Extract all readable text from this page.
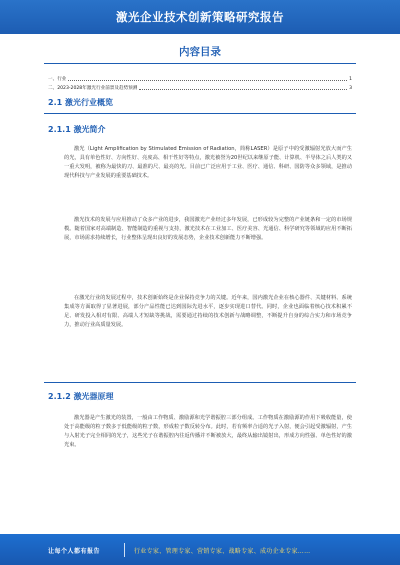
激光企业技术创新策略研究报告
内容目录
一、行业	1
二、2023-2028年激光行业前景及趋势预测	3
2.1 激光行业概览
2.1.1 激光简介

激光（Light Amplification by Stimulated Emission of Radiation，简称LASER）是原子中的受激辐射光放大而产生的光，具有单色性好、方向性好、亮度高、相干性好等特点，激光被誉为20世纪以来继原子能、计算机、半导体之后人类的又一重大发明，被称为最快的刀、最准的尺、最亮的光。目前已广泛应用于工业、医疗、通信、科研、国防等众多领域，是推动现代科技与产业发展的重要基础技术。

激光技术的发展与应用推动了众多产业的进步，我国激光产业经过多年发展，已形成较为完整的产业链条和一定的市场规模。随着国家对高端制造、智能制造的重视与支持，激光技术在工业加工、医疗美容、光通信、科学研究等领域的应用不断拓展，市场需求持续增长，行业整体呈现出良好的发展态势，企业技术创新能力不断增强。

在激光行业的发展过程中，技术创新始终是企业保持竞争力的关键。近年来，国内激光企业在核心器件、关键材料、系统集成等方面取得了显著进展，部分产品性能已达到国际先进水平，逐步实现进口替代。同时，企业也面临着核心技术积累不足、研发投入相对有限、高端人才短缺等挑战，需要通过持续的技术创新与战略调整，不断提升自身的综合实力和市场竞争力，推动行业高质量发展。

2.1.2 激光器原理

激光器是产生激光的装置，一般由工作物质、激励源和光学谐振腔三部分组成。工作物质在激励源的作用下吸收能量，使处于高能级的粒子数多于低能级的粒子数，形成粒子数反转分布。此时，若有频率合适的光子入射，便会引起受激辐射，产生与入射光子完全相同的光子，这些光子在谐振腔内往返传播并不断被放大，最终从输出镜射出，形成方向性强、单色性好的激光束。

让每个人都有报告	行业专家、管理专家、营销专家、战略专家、成功企业专家……
